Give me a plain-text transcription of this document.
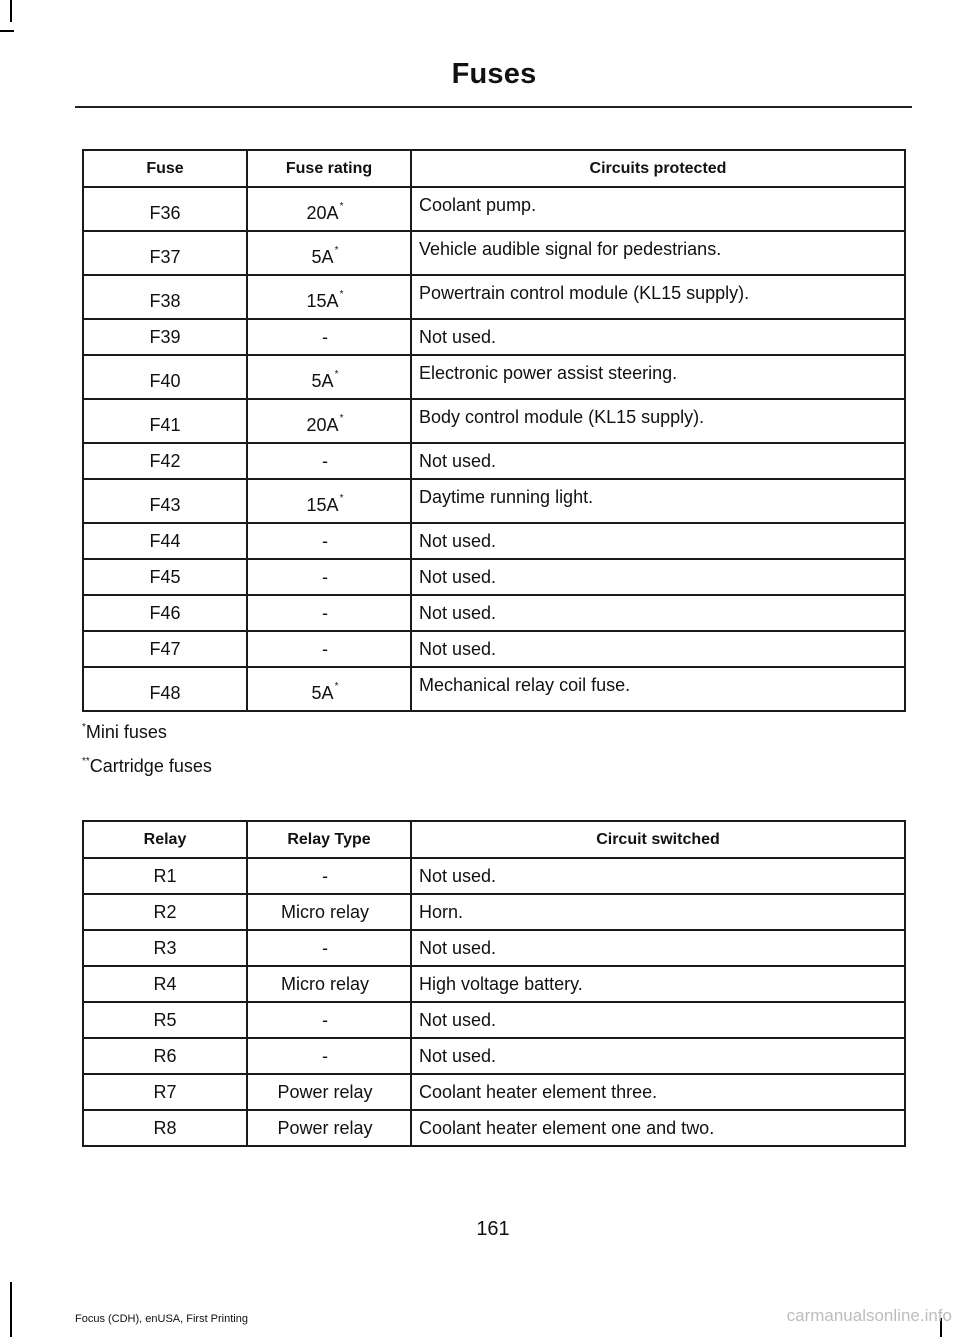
Fuses
Fuse	Fuse rating	Circuits protected
F36	20A*	Coolant pump.
F37	5A*	Vehicle audible signal for pedestrians.
F38	15A*	Powertrain control module (KL15 supply).
F39	-	Not used.
F40	5A*	Electronic power assist steering.
F41	20A*	Body control module (KL15 supply).
F42	-	Not used.
F43	15A*	Daytime running light.
F44	-	Not used.
F45	-	Not used.
F46	-	Not used.
F47	-	Not used.
F48	5A*	Mechanical relay coil fuse.
*Mini fuses
**Cartridge fuses
Relay	Relay Type	Circuit switched
R1	-	Not used.
R2	Micro relay	Horn.
R3	-	Not used.
R4	Micro relay	High voltage battery.
R5	-	Not used.
R6	-	Not used.
R7	Power relay	Coolant heater element three.
R8	Power relay	Coolant heater element one and two.
161
Focus (CDH), enUSA, First Printing	carmanualsonline.info
